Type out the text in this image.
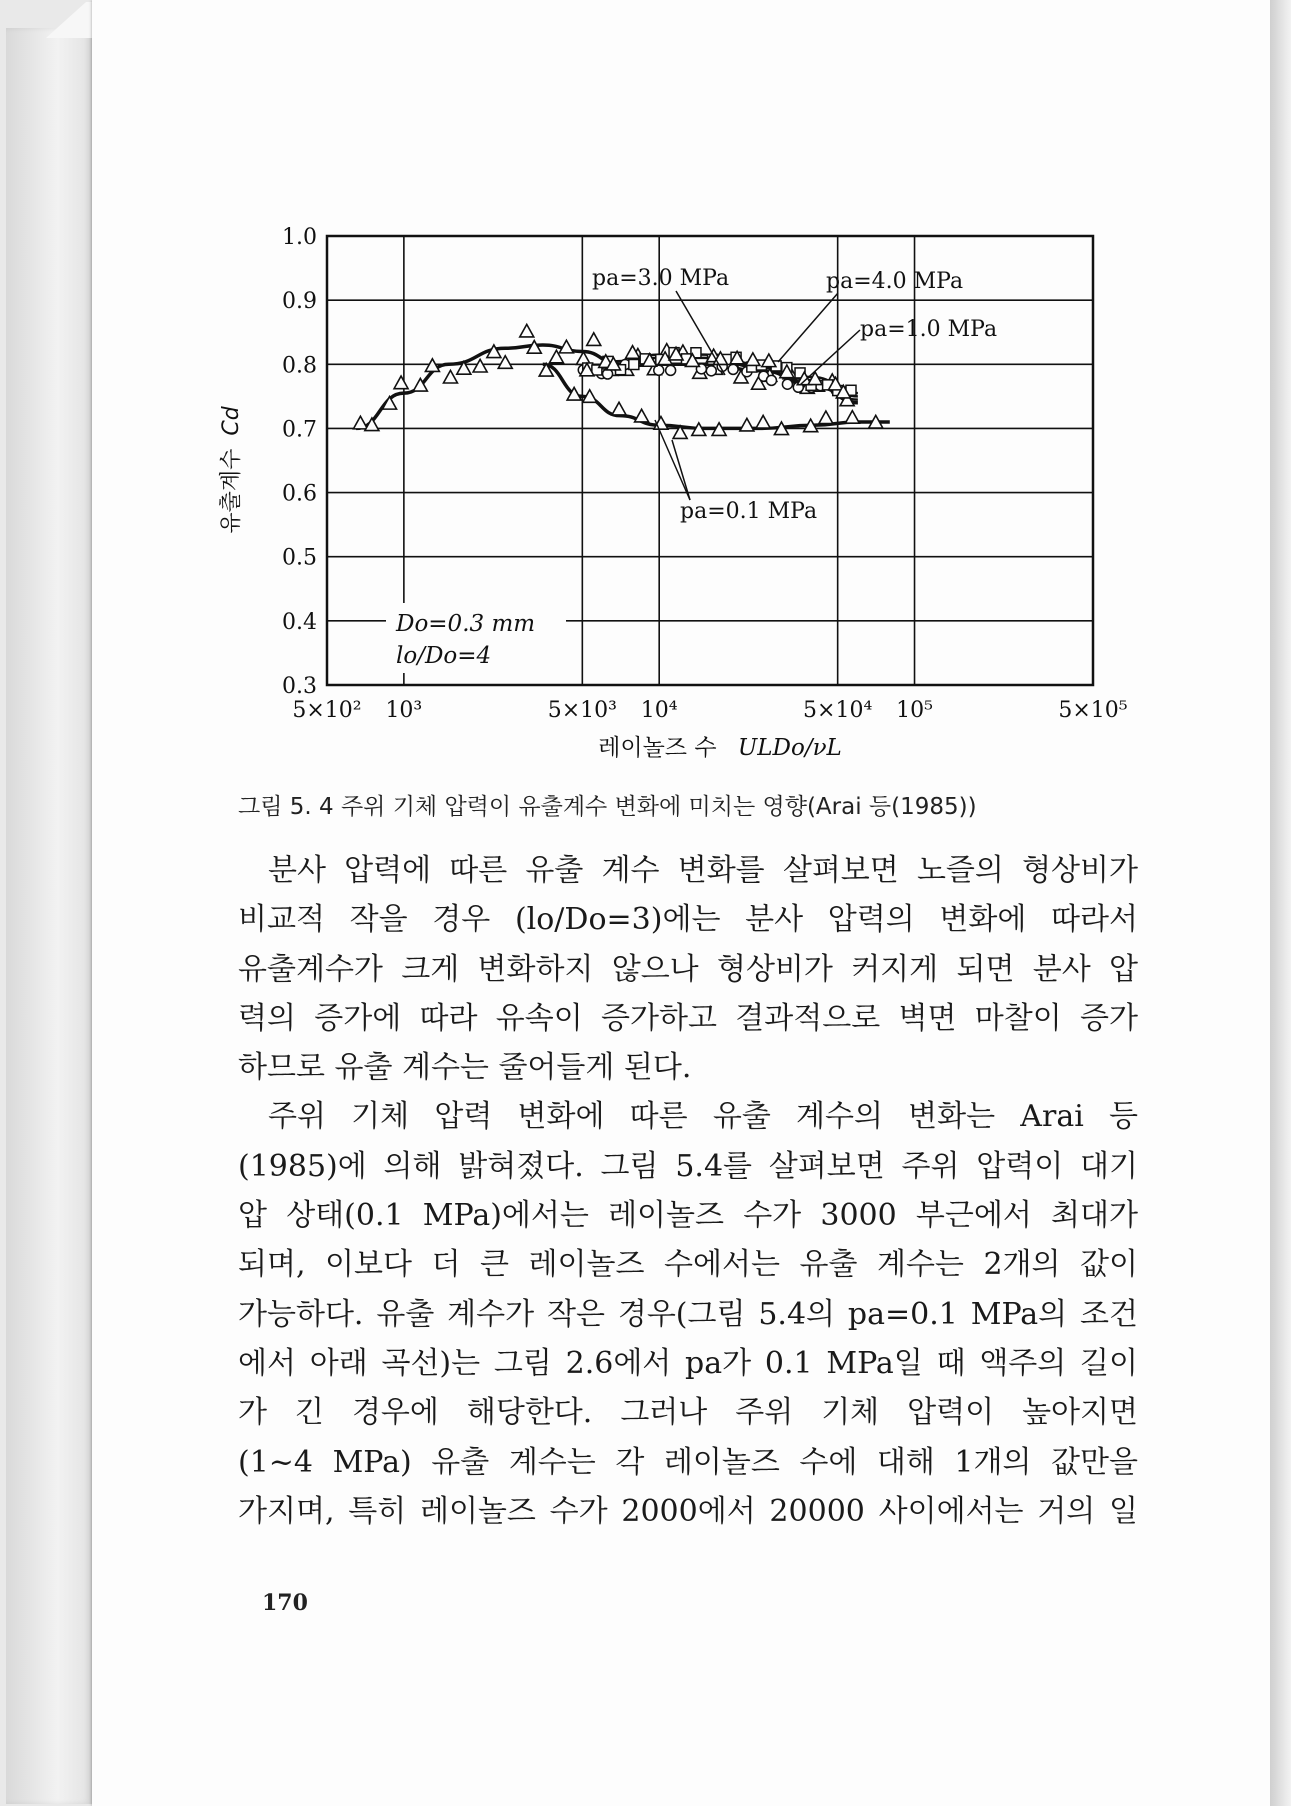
1.0
0.9
0.8
0.7
0.6
0.5
0.4
0.3
5×10² 10³	5×10³ 10⁴	5×10⁴ 10⁵	5×10⁵
유출계수 Cd
레이놀즈 수 ULDo/νL
pa=3.0 MPa	pa=4.0 MPa
pa=1.0 MPa
pa=0.1 MPa
Do=0.3 mm
lo/Do=4
그림 5. 4 주위 기체 압력이 유출계수 변화에 미치는 영향(Arai 등(1985))

분사 압력에 따른 유출 계수 변화를 살펴보면 노즐의 형상비가

비교적 작을 경우 (lo/Do=3)에는 분사 압력의 변화에 따라서

유출계수가 크게 변화하지 않으나 형상비가 커지게 되면 분사 압

력의 증가에 따라 유속이 증가하고 결과적으로 벽면 마찰이 증가

하므로 유출 계수는 줄어들게 된다.

주위 기체 압력 변화에 따른 유출 계수의 변화는 Arai 등

(1985)에 의해 밝혀졌다. 그림 5.4를 살펴보면 주위 압력이 대기

압 상태(0.1 MPa)에서는 레이놀즈 수가 3000 부근에서 최대가

되며, 이보다 더 큰 레이놀즈 수에서는 유출 계수는 2개의 값이

가능하다. 유출 계수가 작은 경우(그림 5.4의 pa=0.1 MPa의 조건

에서 아래 곡선)는 그림 2.6에서 pa가 0.1 MPa일 때 액주의 길이

가 긴 경우에 해당한다. 그러나 주위 기체 압력이 높아지면

(1~4 MPa) 유출 계수는 각 레이놀즈 수에 대해 1개의 값만을

가지며, 특히 레이놀즈 수가 2000에서 20000 사이에서는 거의 일

170
